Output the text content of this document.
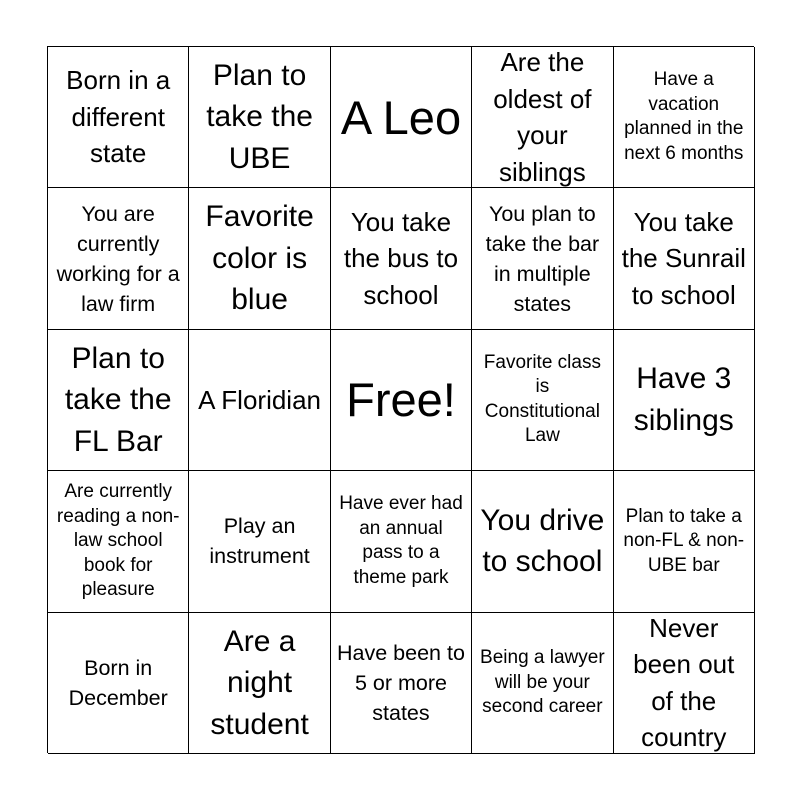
Born in a different state
Plan to take the UBE
A Leo
Are the oldest of your siblings
Have a vacation planned in the next 6 months
You are currently working for a law firm
Favorite color is blue
You take the bus to school
You plan to take the bar in multiple states
You take the Sunrail to school
Plan to take the FL Bar
A Floridian Free!
Favorite class is Constitutional Law
Have 3 siblings
Are currently reading a non-law school book for pleasure
Play an instrument
Have ever had an annual pass to a theme park
You drive to school
Plan to take a non-FL & non-UBE bar
Born in December
Are a night student
Have been to 5 or more states
Being a lawyer will be your second career
Never been out of the country
